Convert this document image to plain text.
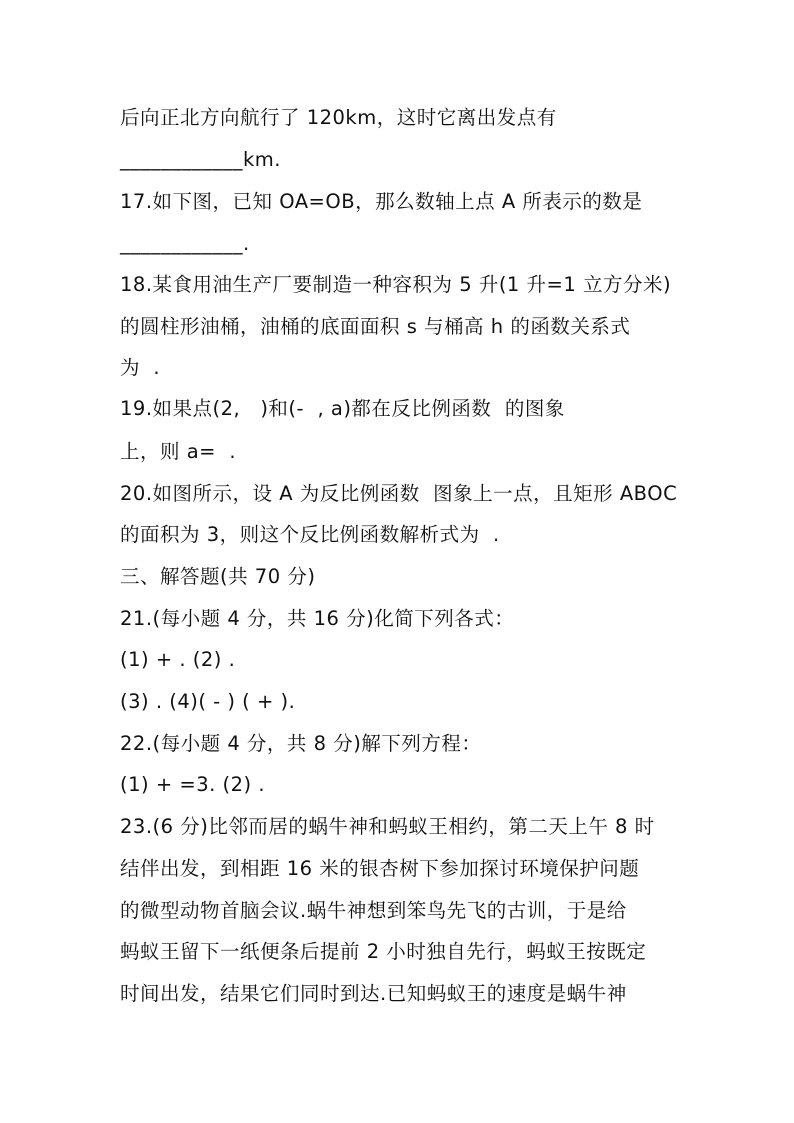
后向正北方向航行了 120km，这时它离出发点有
____________km.
17.如下图，已知 OA=OB，那么数轴上点 A 所表示的数是
____________.
18.某食用油生产厂要制造一种容积为 5 升(1 升=1 立方分米)
的圆柱形油桶，油桶的底面面积 s 与桶高 h 的函数关系式
为  .
19.如果点(2,   )和(-  , a)都在反比例函数  的图象
上，则 a=  .
20.如图所示，设 A 为反比例函数  图象上一点，且矩形 ABOC
的面积为 3，则这个反比例函数解析式为  .
三、解答题(共 70 分)
21.(每小题 4 分，共 16 分)化简下列各式：
(1) + . (2) .
(3) . (4)( - ) ( + ).
22.(每小题 4 分，共 8 分)解下列方程：
(1) + =3. (2) .
23.(6 分)比邻而居的蜗牛神和蚂蚁王相约，第二天上午 8 时
结伴出发，到相距 16 米的银杏树下参加探讨环境保护问题
的微型动物首脑会议.蜗牛神想到笨鸟先飞的古训，于是给
蚂蚁王留下一纸便条后提前 2 小时独自先行，蚂蚁王按既定
时间出发，结果它们同时到达.已知蚂蚁王的速度是蜗牛神
